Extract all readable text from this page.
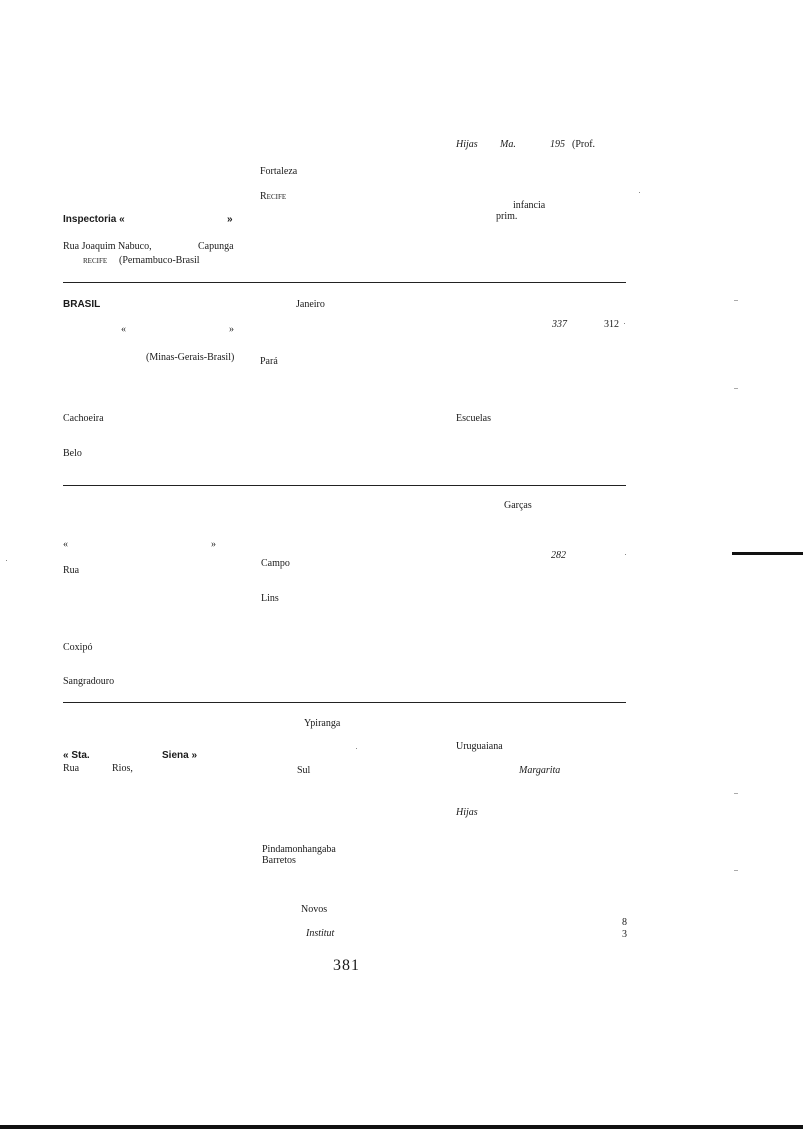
Hijas Ma.	195 (Prof.
infancia
prim.
Fortaleza
Recife
Inspectoria «	»
Rua Joaquim Nabuco,	Capunga
recife (Pernambuco-Brasil
BRASIL
«	»
(Minas-Gerais-Brasil)
Cachoeira
Belo
Janeiro
Pará
337	312
Escuelas
«	»
Rua
Coxipó
Sangradouro
Campo
Lins
Garças
282
« Sta.	Siena »
Rua	Rios,
Ypiranga
Sul
Uruguaiana
Margarita
Hijas
Pindamonhangaba
Barretos
Novos
Institut
8
3
381
